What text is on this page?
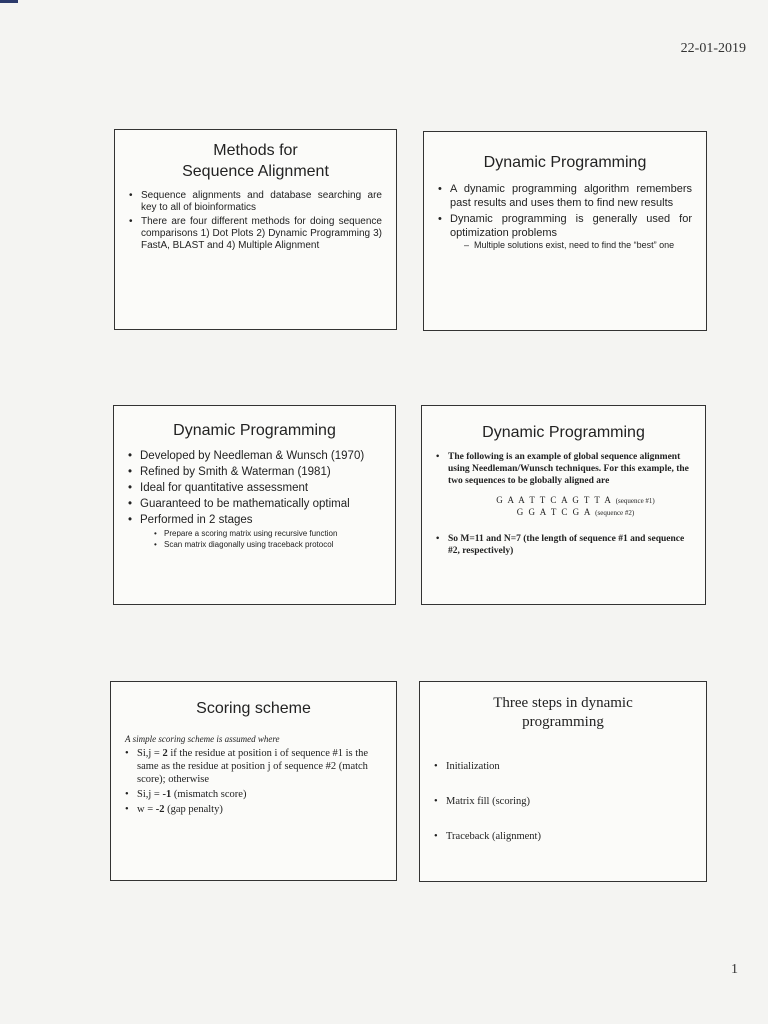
22-01-2019
Methods for
Sequence Alignment
• Sequence alignments and database searching are key to all of bioinformatics
• There are four different methods for doing sequence comparisons 1) Dot Plots 2) Dynamic Programming 3) FastA, BLAST and 4) Multiple Alignment
Dynamic Programming
• A dynamic programming algorithm remembers past results and uses them to find new results
• Dynamic programming is generally used for optimization problems
– Multiple solutions exist, need to find the “best” one
Dynamic Programming
• Developed by Needleman & Wunsch (1970)
• Refined by Smith & Waterman (1981)
• Ideal for quantitative assessment
• Guaranteed to be mathematically optimal
• Performed in 2 stages
• Prepare a scoring matrix using recursive function
• Scan matrix diagonally using traceback protocol
Dynamic Programming
• The following is an example of global sequence alignment using Needleman/Wunsch techniques. For this example, the two sequences to be globally aligned are
G A A T T C A G T T A (sequence #1)
G G A T C G A (sequence #2)
• So M=11 and N=7 (the length of sequence #1 and sequence #2, respectively)
Scoring scheme
A simple scoring scheme is assumed where
• Si,j = 2 if the residue at position i of sequence #1 is the same as the residue at position j of sequence #2 (match score); otherwise
• Si,j = -1 (mismatch score)
• w = -2 (gap penalty)
Three steps in dynamic
programming
• Initialization
• Matrix fill (scoring)
• Traceback (alignment)
1
